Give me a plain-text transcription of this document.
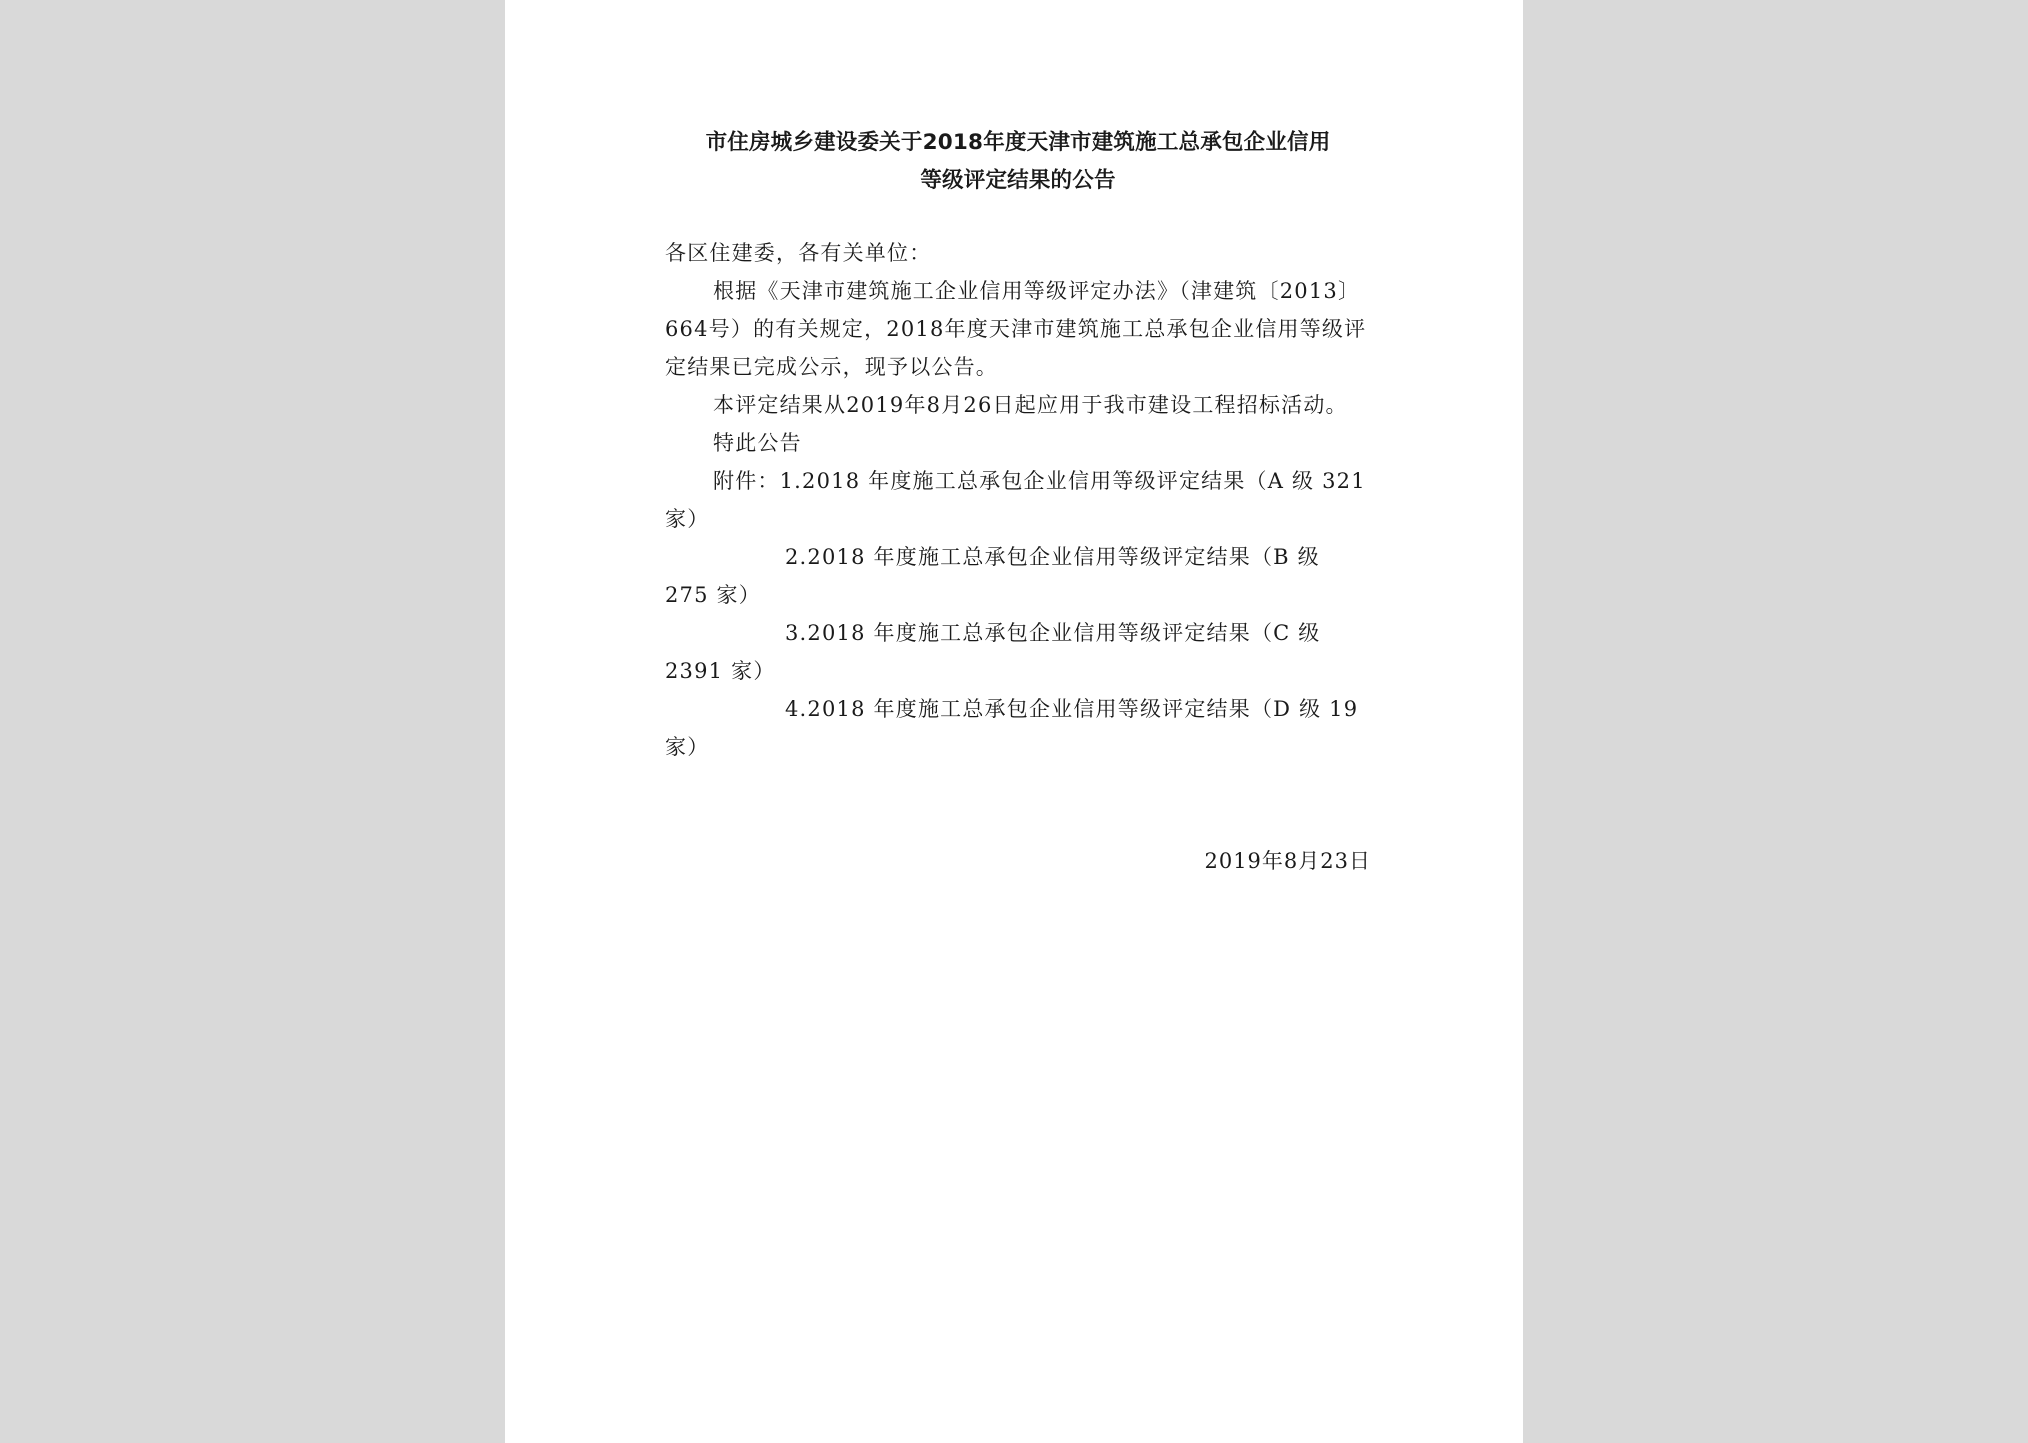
市住房城乡建设委关于2018年度天津市建筑施工总承包企业信用
等级评定结果的公告

各区住建委，各有关单位：

根据《天津市建筑施工企业信用等级评定办法》（津建筑〔2013〕664号）的有关规定，2018年度天津市建筑施工总承包企业信用等级评定结果已完成公示，现予以公告。

本评定结果从2019年8月26日起应用于我市建设工程招标活动。

特此公告

附件：1.2018 年度施工总承包企业信用等级评定结果（A 级 321 家）

2.2018 年度施工总承包企业信用等级评定结果（B 级 275 家）

3.2018 年度施工总承包企业信用等级评定结果（C 级 2391 家）

4.2018 年度施工总承包企业信用等级评定结果（D 级 19 家）

2019年8月23日
